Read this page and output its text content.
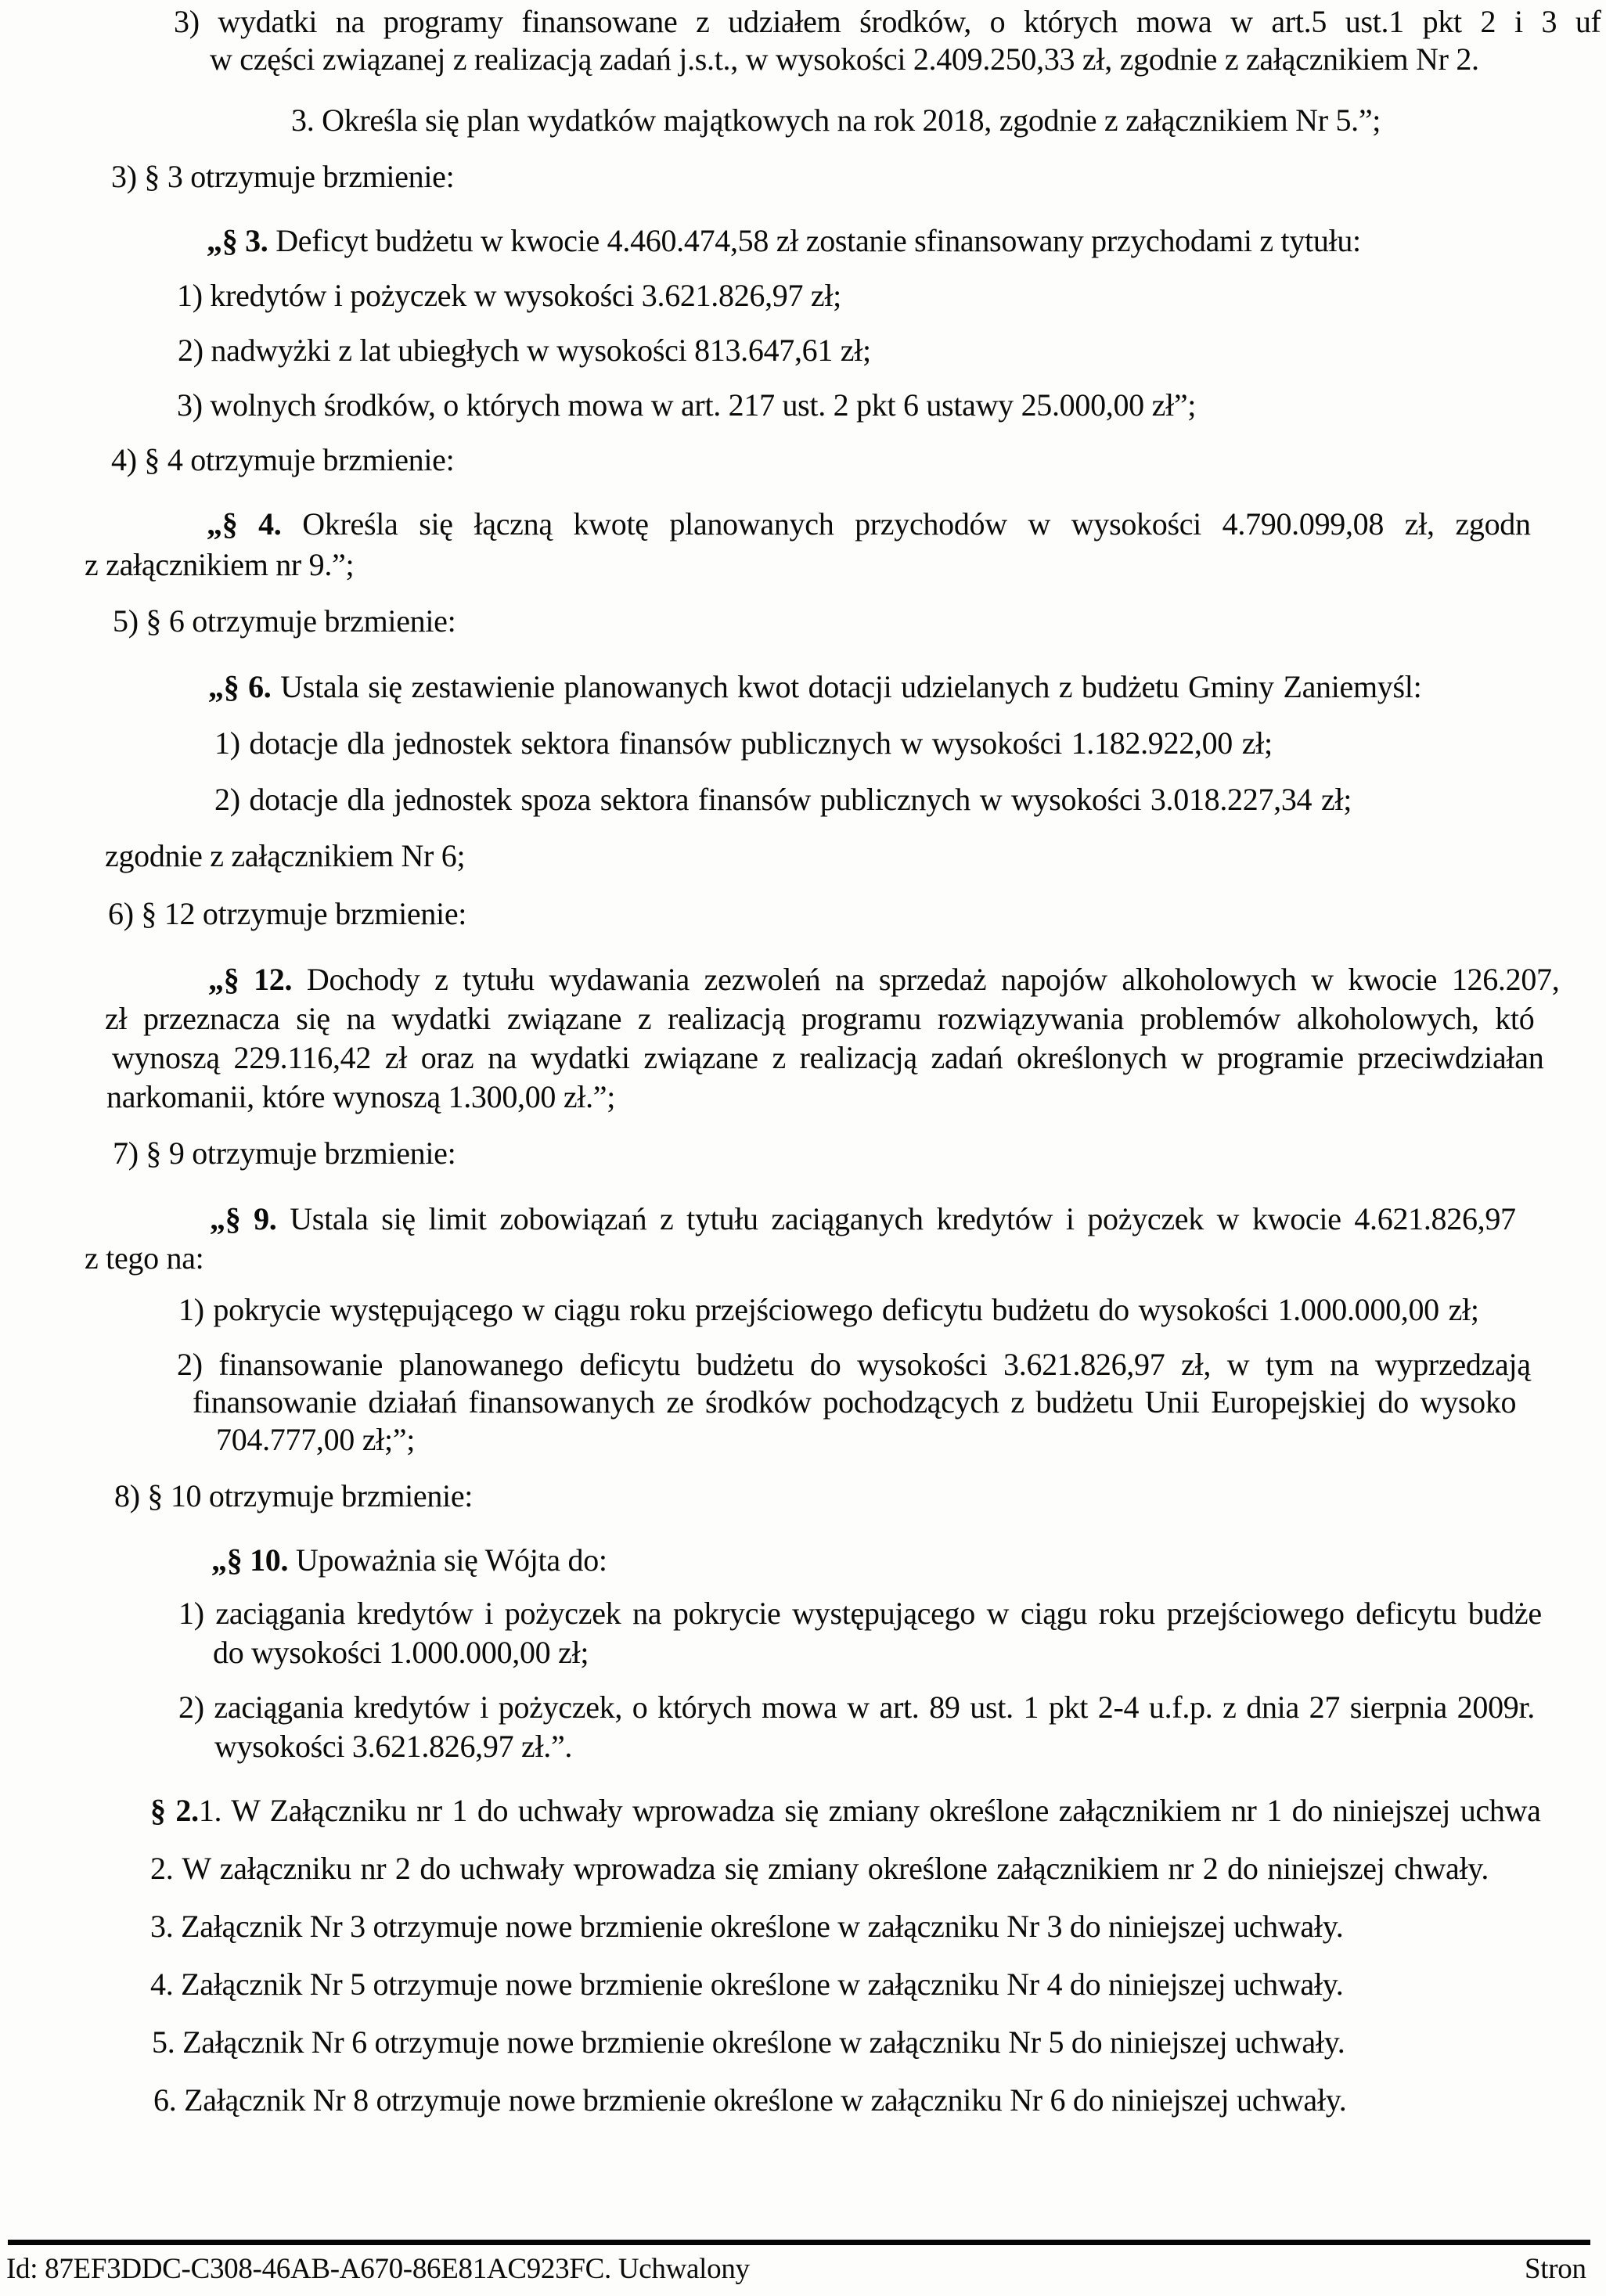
Id: 87EF3DDC-C308-46AB-A670-86E81AC923FC. Uchwalony	Stron
3) wydatki na programy finansowane z udziałem środków, o których mowa w art.5 ust.1 pkt 2 i 3 uf
w części związanej z realizacją zadań j.s.t., w wysokości 2.409.250,33 zł, zgodnie z załącznikiem Nr 2.
3. Określa się plan wydatków majątkowych na rok 2018, zgodnie z załącznikiem Nr 5.”;
3) § 3 otrzymuje brzmienie:
„§ 3. Deficyt budżetu w kwocie 4.460.474,58 zł zostanie sfinansowany przychodami z tytułu:
1) kredytów i pożyczek w wysokości 3.621.826,97 zł;
2) nadwyżki z lat ubiegłych w wysokości 813.647,61 zł;
3) wolnych środków, o których mowa w art. 217 ust. 2 pkt 6 ustawy 25.000,00 zł”;
4) § 4 otrzymuje brzmienie:
„§ 4. Określa się łączną kwotę planowanych przychodów w wysokości 4.790.099,08 zł, zgodn
z załącznikiem nr 9.”;
5) § 6 otrzymuje brzmienie:
„§ 6. Ustala się zestawienie planowanych kwot dotacji udzielanych z budżetu Gminy Zaniemyśl:
1) dotacje dla jednostek sektora finansów publicznych w wysokości 1.182.922,00 zł;
2) dotacje dla jednostek spoza sektora finansów publicznych w wysokości 3.018.227,34 zł;
zgodnie z załącznikiem Nr 6;
6) § 12 otrzymuje brzmienie:
„§ 12. Dochody z tytułu wydawania zezwoleń na sprzedaż napojów alkoholowych w kwocie 126.207,
zł przeznacza się na wydatki związane z realizacją programu rozwiązywania problemów alkoholowych, któ
wynoszą 229.116,42 zł oraz na wydatki związane z realizacją zadań określonych w programie przeciwdziałan
narkomanii, które wynoszą 1.300,00 zł.”;
7) § 9 otrzymuje brzmienie:
„§ 9. Ustala się limit zobowiązań z tytułu zaciąganych kredytów i pożyczek w kwocie 4.621.826,97
z tego na:
1) pokrycie występującego w ciągu roku przejściowego deficytu budżetu do wysokości 1.000.000,00 zł;
2) finansowanie planowanego deficytu budżetu do wysokości 3.621.826,97 zł, w tym na wyprzedzają
finansowanie działań finansowanych ze środków pochodzących z budżetu Unii Europejskiej do wysoko
704.777,00 zł;”;
8) § 10 otrzymuje brzmienie:
„§ 10. Upoważnia się Wójta do:
1) zaciągania kredytów i pożyczek na pokrycie występującego w ciągu roku przejściowego deficytu budże
do wysokości 1.000.000,00 zł;
2) zaciągania kredytów i pożyczek, o których mowa w art. 89 ust. 1 pkt 2-4 u.f.p. z dnia 27 sierpnia 2009r.
wysokości 3.621.826,97 zł.”.
§ 2.1. W Załączniku nr 1 do uchwały wprowadza się zmiany określone załącznikiem nr 1 do niniejszej uchwa
2. W załączniku nr 2 do uchwały wprowadza się zmiany określone załącznikiem nr 2 do niniejszej chwały.
3. Załącznik Nr 3 otrzymuje nowe brzmienie określone w załączniku Nr 3 do niniejszej uchwały.
4. Załącznik Nr 5 otrzymuje nowe brzmienie określone w załączniku Nr 4 do niniejszej uchwały.
5. Załącznik Nr 6 otrzymuje nowe brzmienie określone w załączniku Nr 5 do niniejszej uchwały.
6. Załącznik Nr 8 otrzymuje nowe brzmienie określone w załączniku Nr 6 do niniejszej uchwały.
